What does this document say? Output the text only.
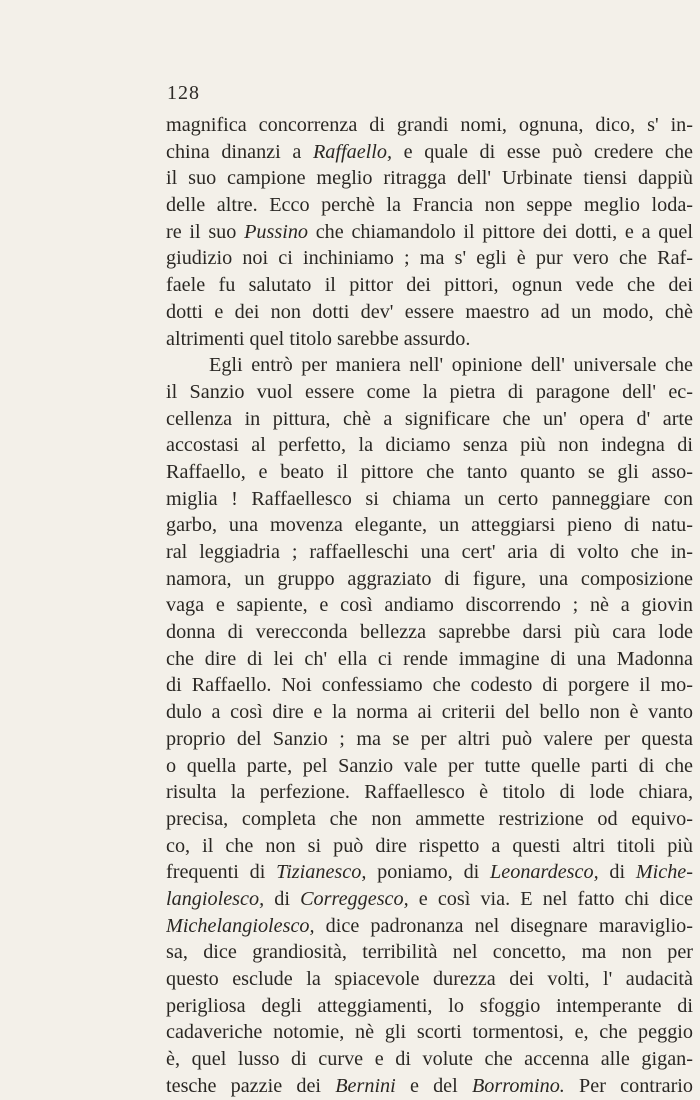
128
magnifica concorrenza di grandi nomi, ognuna, dico, s' in-
china dinanzi a Raffaello, e quale di esse può credere che
il suo campione meglio ritragga dell' Urbinate tiensi dappiù
delle altre. Ecco perchè la Francia non seppe meglio loda-
re il suo Pussino che chiamandolo il pittore dei dotti, e a quel
giudizio noi ci inchiniamo ; ma s' egli è pur vero che Raf-
faele fu salutato il pittor dei pittori, ognun vede che dei
dotti e dei non dotti dev' essere maestro ad un modo, chè
altrimenti quel titolo sarebbe assurdo.
Egli entrò per maniera nell' opinione dell' universale che
il Sanzio vuol essere come la pietra di paragone dell' ec-
cellenza in pittura, chè a significare che un' opera d' arte
accostasi al perfetto, la diciamo senza più non indegna di
Raffaello, e beato il pittore che tanto quanto se gli asso-
miglia ! Raffaellesco si chiama un certo panneggiare con
garbo, una movenza elegante, un atteggiarsi pieno di natu-
ral leggiadria ; raffaelleschi una cert' aria di volto che in-
namora, un gruppo aggraziato di figure, una composizione
vaga e sapiente, e così andiamo discorrendo ; nè a giovin
donna di verecconda bellezza saprebbe darsi più cara lode
che dire di lei ch' ella ci rende immagine di una Madonna
di Raffaello. Noi confessiamo che codesto di porgere il mo-
dulo a così dire e la norma ai criterii del bello non è vanto
proprio del Sanzio ; ma se per altri può valere per questa
o quella parte, pel Sanzio vale per tutte quelle parti di che
risulta la perfezione. Raffaellesco è titolo di lode chiara,
precisa, completa che non ammette restrizione od equivo-
co, il che non si può dire rispetto a questi altri titoli più
frequenti di Tizianesco, poniamo, di Leonardesco, di Miche-
langiolesco, di Correggesco, e così via. E nel fatto chi dice
Michelangiolesco, dice padronanza nel disegnare maraviglio-
sa, dice grandiosità, terribilità nel concetto, ma non per
questo esclude la spiacevole durezza dei volti, l' audacità
perigliosa degli atteggiamenti, lo sfoggio intemperante di
cadaveriche notomie, nè gli scorti tormentosi, e, che peggio
è, quel lusso di curve e di volute che accenna alle gigan-
tesche pazzie dei Bernini e del Borromino. Per contrario
